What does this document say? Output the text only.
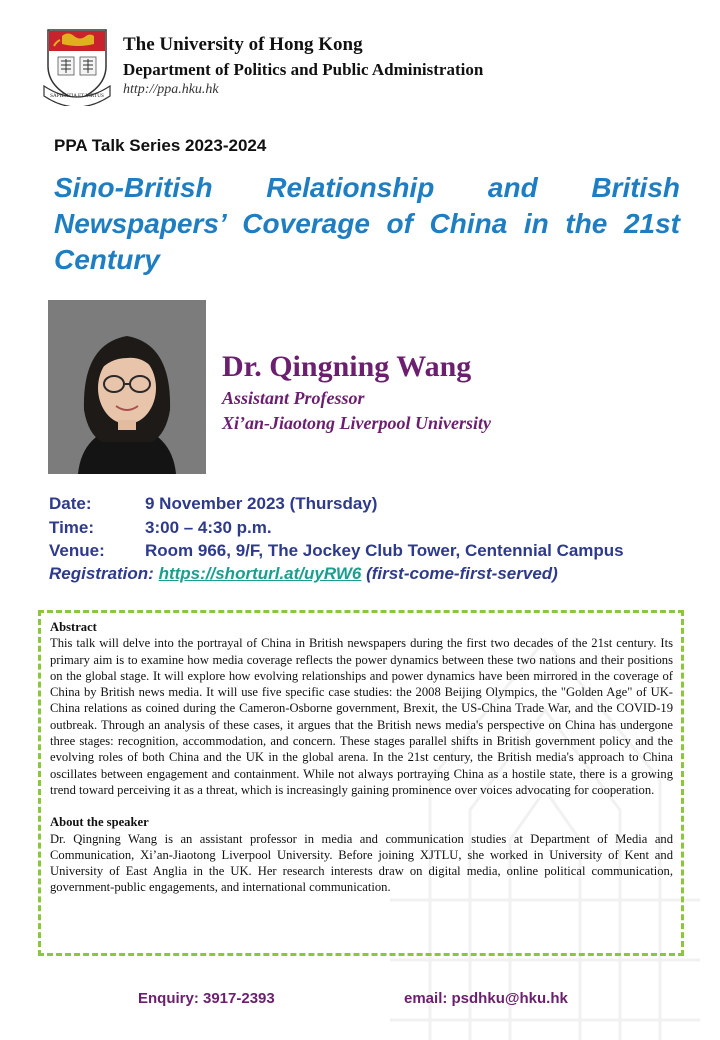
SAPIENTIA ET VIRTUS
The University of Hong Kong
Department of Politics and Public Administration
http://ppa.hku.hk
PPA Talk Series 2023-2024
Sino-British Relationship and British Newspapers’ Coverage of China in the 21st Century
Dr. Qingning Wang
Assistant Professor
Xi’an-Jiaotong Liverpool University
Date:	9 November 2023 (Thursday)
Time:	3:00 – 4:30 p.m.
Venue: Room 966, 9/F, The Jockey Club Tower, Centennial Campus
Registration: https://shorturl.at/uyRW6 (first-come-first-served)
Abstract

This talk will delve into the portrayal of China in British newspapers during the first two decades of the 21st century. Its primary aim is to examine how media coverage reflects the power dynamics between these two nations and their positions on the global stage. It will explore how evolving relationships and power dynamics have been mirrored in the coverage of China by British news media. It will use five specific case studies: the 2008 Beijing Olympics, the "Golden Age" of UK-China relations as coined during the Cameron-Osborne government, Brexit, the US-China Trade War, and the COVID-19 outbreak. Through an analysis of these cases, it argues that the British news media's perspective on China has undergone three stages: recognition, accommodation, and concern. These stages parallel shifts in British government policy and the evolving roles of both China and the UK in the global arena. In the 21st century, the British media's approach to China oscillates between engagement and containment. While not always portraying China as a hostile state, there is a growing trend toward perceiving it as a threat, which is increasingly gaining prominence over voices advocating for cooperation.

About the speaker

Dr. Qingning Wang is an assistant professor in media and communication studies at Department of Media and Communication, Xi’an-Jiaotong Liverpool University. Before joining XJTLU, she worked in University of Kent and University of East Anglia in the UK. Her research interests draw on digital media, online political communication, government-public engagements, and international communication.

Enquiry: 3917-2393	email: psdhku@hku.hk
